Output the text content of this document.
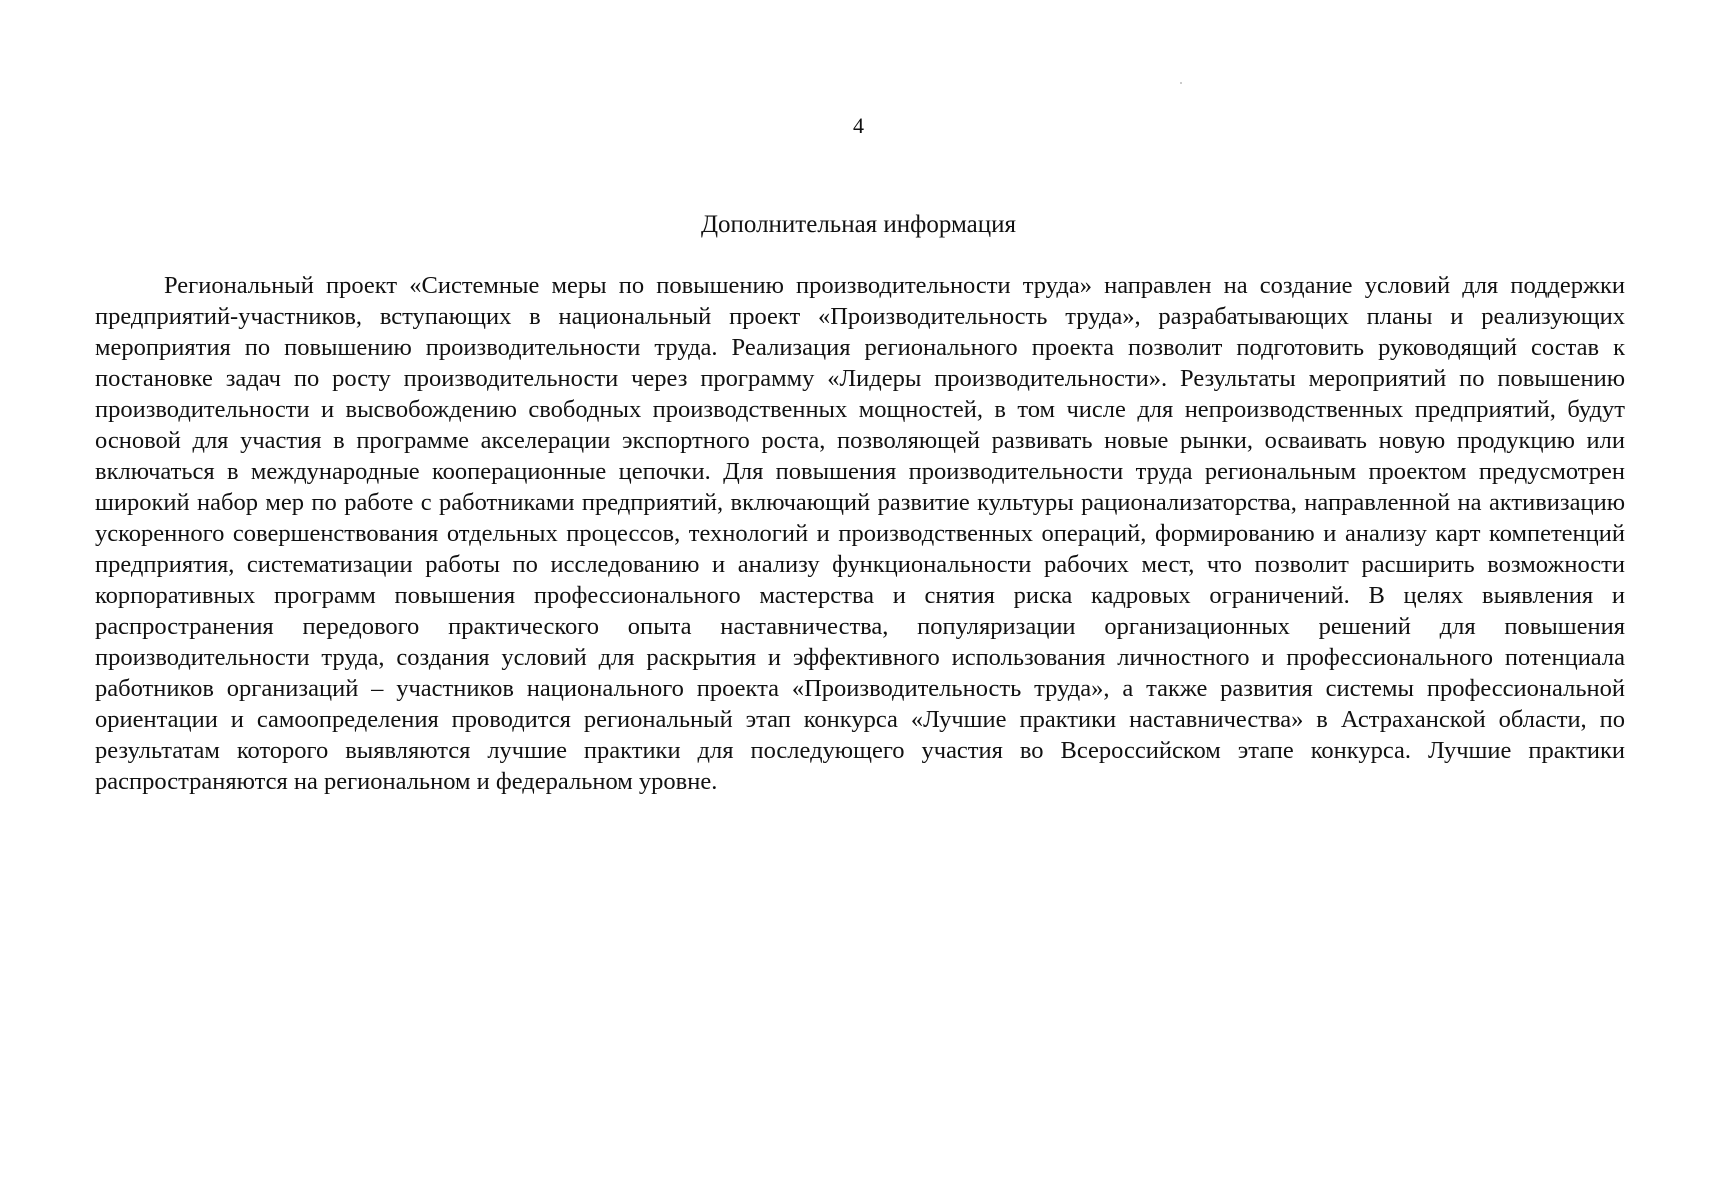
4
Дополнительная информация

Региональный проект «Системные меры по повышению производительности труда» направлен на создание условий для поддержки предприятий-участников, вступающих в национальный проект «Производительность труда», разрабатывающих планы и реализующих мероприятия по повышению производительности труда. Реализация регионального проекта позволит подготовить руководящий состав к постановке задач по росту производительности через программу «Лидеры производительности». Результаты мероприятий по повышению производительности и высвобождению свободных производственных мощностей, в том числе для непроизводственных предприятий, будут основой для участия в программе акселерации экспортного роста, позволяющей развивать новые рынки, осваивать новую продукцию или включаться в международные кооперационные цепочки. Для повышения производительности труда региональным проектом предусмотрен широкий набор мер по работе с работниками предприятий, включающий развитие культуры рационализаторства, направленной на активизацию ускоренного совершенствования отдельных процессов, технологий и производственных операций, формированию и анализу карт компетенций предприятия, систематизации работы по исследованию и анализу функциональности рабочих мест, что позволит расширить возможности корпоративных программ повышения профессионального мастерства и снятия риска кадровых ограничений. В целях выявления и распространения передового практического опыта наставничества, популяризации организационных решений для повышения производительности труда, создания условий для раскрытия и эффективного использования личностного и профессионального потенциала работников организаций – участников национального проекта «Производительность труда», а также развития системы профессиональной ориентации и самоопределения проводится региональный этап конкурса «Лучшие практики наставничества» в Астраханской области, по результатам которого выявляются лучшие практики для последующего участия во Всероссийском этапе конкурса. Лучшие практики распространяются на региональном и федеральном уровне.
